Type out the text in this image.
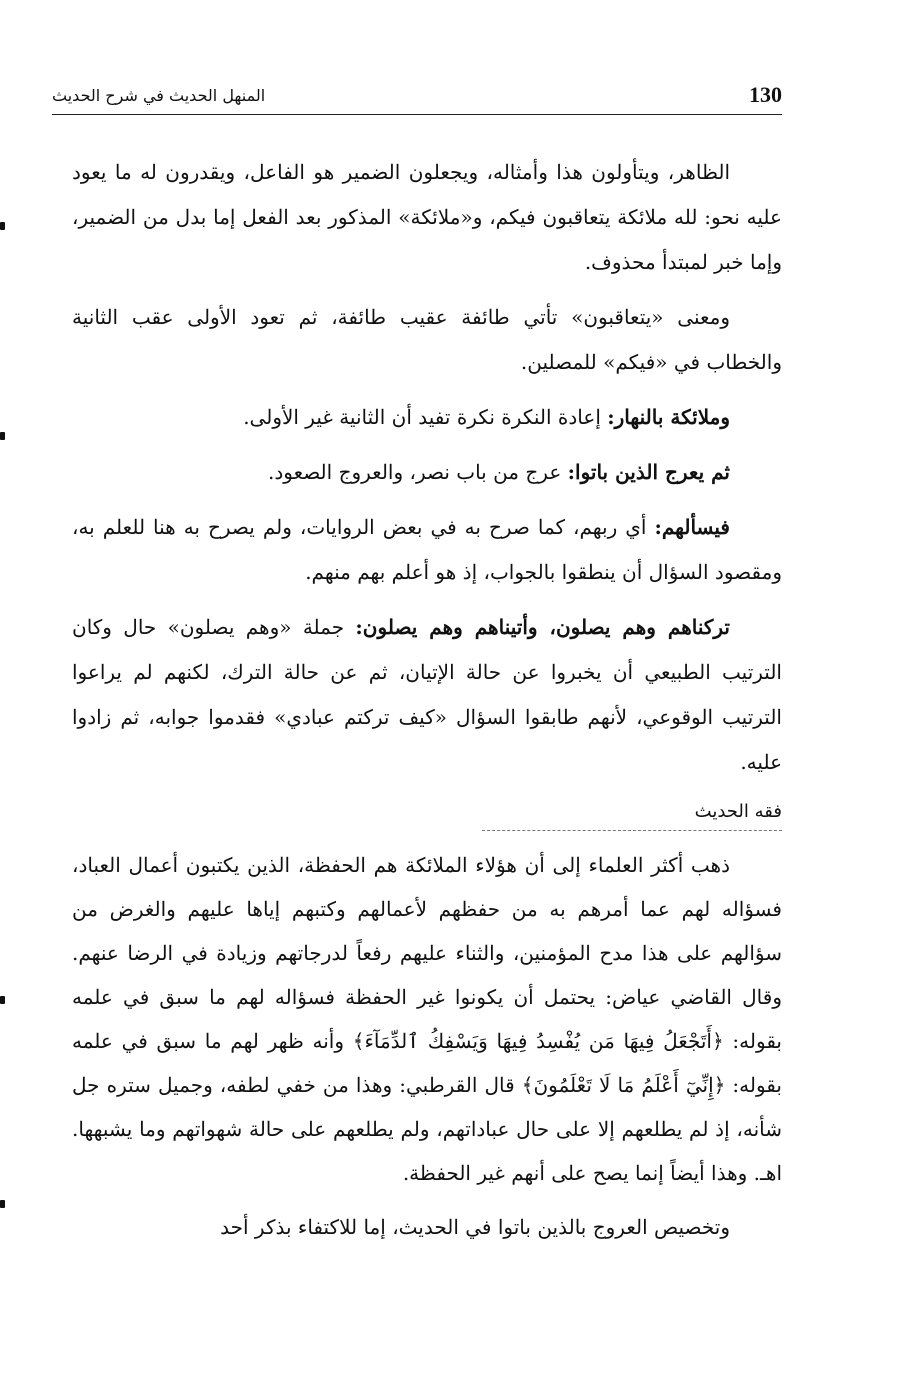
130
المنهل الحديث في شرح الحديث

الظاهر، ويتأولون هذا وأمثاله، ويجعلون الضمير هو الفاعل، ويقدرون له ما يعود عليه نحو: لله ملائكة يتعاقبون فيكم، و«ملائكة» المذكور بعد الفعل إما بدل من الضمير، وإما خبر لمبتدأ محذوف.

ومعنى «يتعاقبون» تأتي طائفة عقيب طائفة، ثم تعود الأولى عقب الثانية والخطاب في «فيكم» للمصلين.

وملائكة بالنهار: إعادة النكرة نكرة تفيد أن الثانية غير الأولى.

ثم يعرج الذين باتوا: عرج من باب نصر، والعروج الصعود.

فيسألهم: أي ربهم، كما صرح به في بعض الروايات، ولم يصرح به هنا للعلم به، ومقصود السؤال أن ينطقوا بالجواب، إذ هو أعلم بهم منهم.

تركناهم وهم يصلون، وأتيناهم وهم يصلون: جملة «وهم يصلون» حال وكان الترتيب الطبيعي أن يخبروا عن حالة الإتيان، ثم عن حالة الترك، لكنهم لم يراعوا الترتيب الوقوعي، لأنهم طابقوا السؤال «كيف تركتم عبادي» فقدموا جوابه، ثم زادوا عليه.

فقه الحديث

ذهب أكثر العلماء إلى أن هؤلاء الملائكة هم الحفظة، الذين يكتبون أعمال العباد، فسؤاله لهم عما أمرهم به من حفظهم لأعمالهم وكتبهم إياها عليهم والغرض من سؤالهم على هذا مدح المؤمنين، والثناء عليهم رفعاً لدرجاتهم وزيادة في الرضا عنهم. وقال القاضي عياض: يحتمل أن يكونوا غير الحفظة فسؤاله لهم ما سبق في علمه بقوله: ﴿أَتَجْعَلُ فِيهَا مَن يُفْسِدُ فِيهَا وَيَسْفِكُ ٱلدِّمَآءَ﴾ وأنه ظهر لهم ما سبق في علمه بقوله: ﴿إِنِّيٓ أَعْلَمُ مَا لَا تَعْلَمُونَ﴾ قال القرطبي: وهذا من خفي لطفه، وجميل ستره جل شأنه، إذ لم يطلعهم إلا على حال عباداتهم، ولم يطلعهم على حالة شهواتهم وما يشبهها. اهـ. وهذا أيضاً إنما يصح على أنهم غير الحفظة.

وتخصيص العروج بالذين باتوا في الحديث، إما للاكتفاء بذكر أحد
